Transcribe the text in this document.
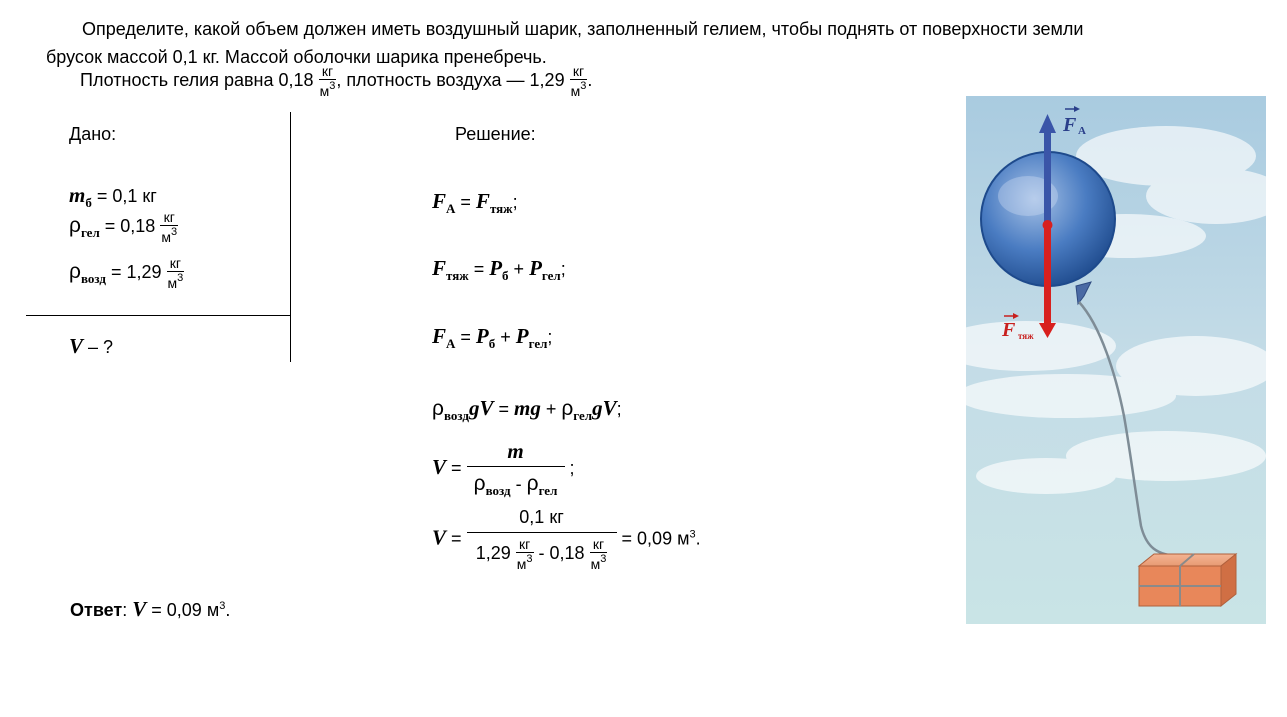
Определите, какой объем должен иметь воздушный шарик, заполненный гелием, чтобы поднять от поверхности земли
брусок массой 0,1 кг. Массой оболочки шарика пренебречь.
Плотность гелия равна $0,18 \frac{кг}{м^3}$ , плотность воздуха — $1,29 \frac{кг}{м^3}$ .
Дано:
$m_б = 0,1$ кг
$\rho_{гел} = 0,18 \frac{кг}{м^3}$
$\rho_{возд} = 1,29 \frac{кг}{м^3}$
V – ?
Решение:
$F_А = F_{тяж}$;
$F_{тяж} = P_б + P_{гел}$;
$F_А = P_б + P_{гел}$;
$\rho_{возд}gV$ = mg + $\rho_{гел}gV$;
$V = \frac{m}{\rho_{возд} - \rho_{гел}}$ ;
V =
0,1 кг
$1,29 \frac{кг}{м^3} - 0,18 \frac{кг}{м^3} = 0,09$ $м^3$.
Ответ: V = 0,09 $м^3$.
F А
F тяж
